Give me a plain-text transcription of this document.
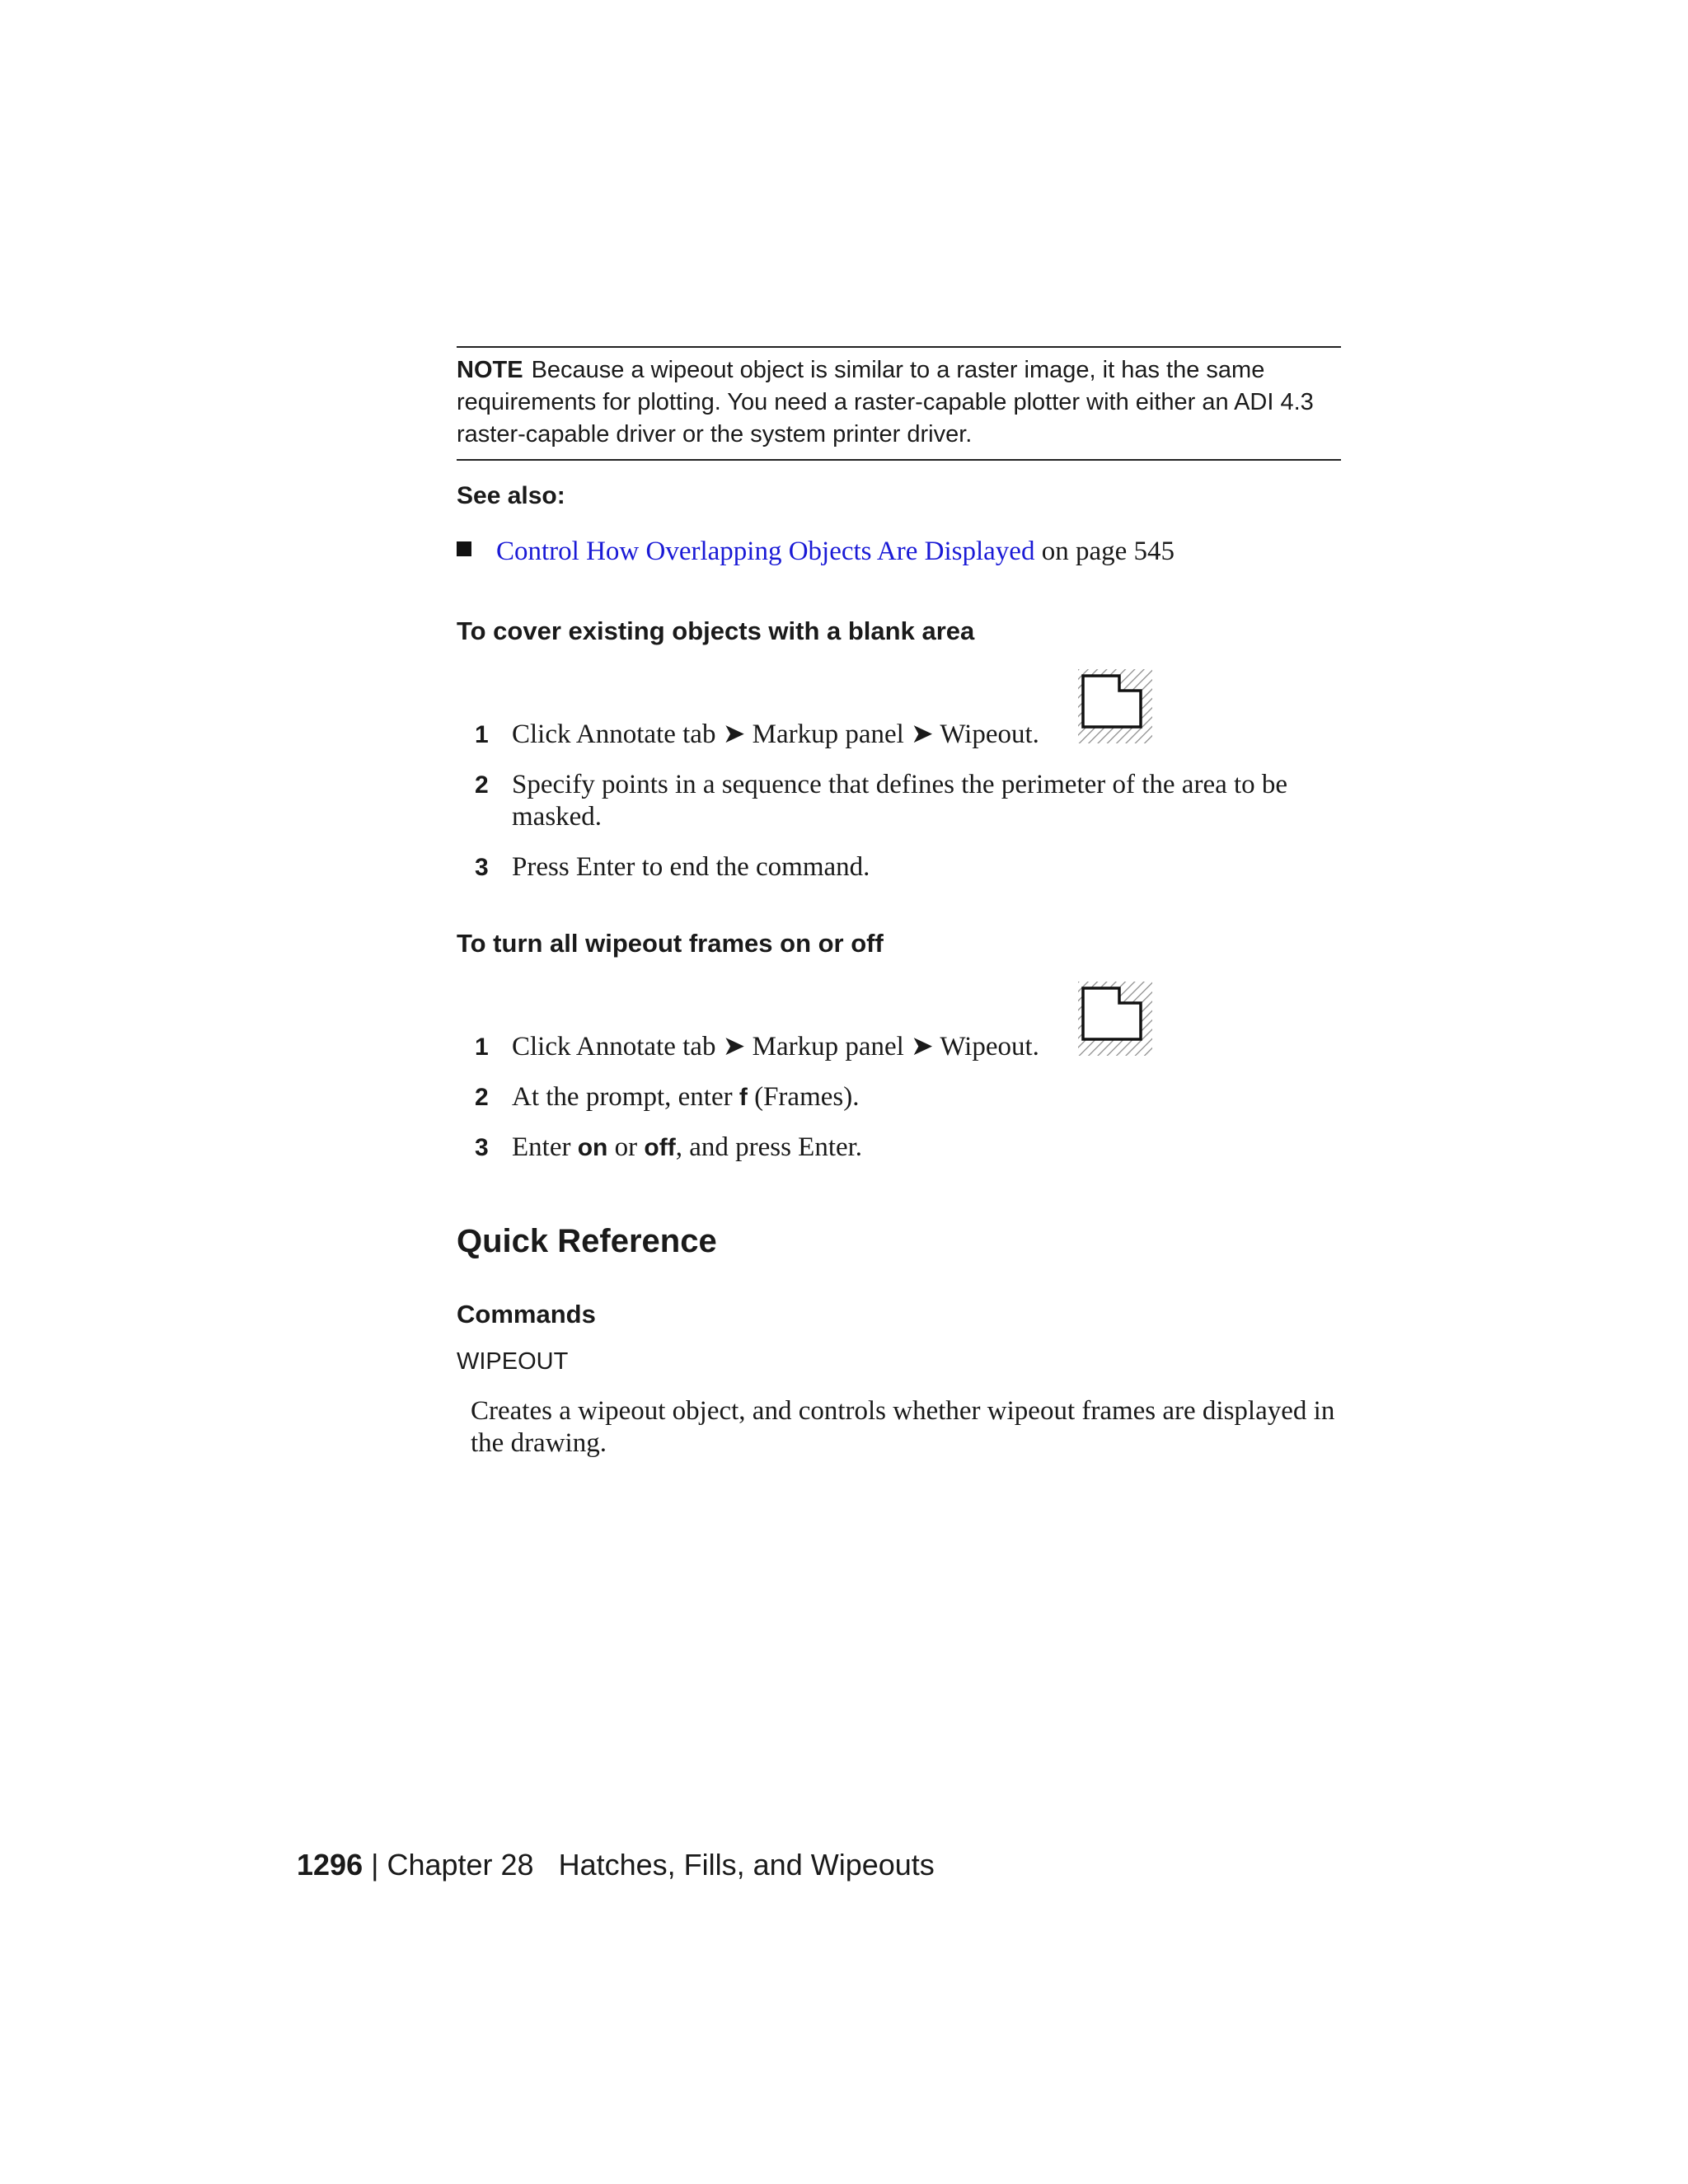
NOTE Because a wipeout object is similar to a raster image, it has the same requirements for plotting. You need a raster-capable plotter with either an ADI 4.3 raster-capable driver or the system printer driver.
See also:
Control How Overlapping Objects Are Displayed on page 545
To cover existing objects with a blank area
1 Click Annotate tab ➤ Markup panel ➤ Wipeout.
2 Specify points in a sequence that defines the perimeter of the area to be masked.
3 Press Enter to end the command.
To turn all wipeout frames on or off
1 Click Annotate tab ➤ Markup panel ➤ Wipeout.
2 At the prompt, enter f (Frames).
3 Enter on or off, and press Enter.
Quick Reference
Commands
WIPEOUT
Creates a wipeout object, and controls whether wipeout frames are displayed in the drawing.
1296 | Chapter 28 Hatches, Fills, and Wipeouts
